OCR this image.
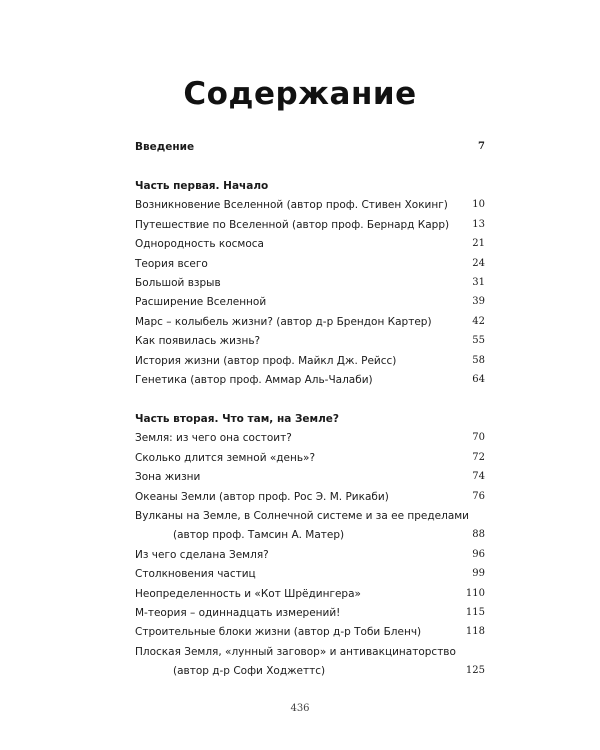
Содержание
Введение	7
Часть первая. Начало
Возникновение Вселенной (автор проф. Стивен Хокинг) 10
Путешествие по Вселенной (автор проф. Бернард Карр) 13
Однородность космоса	21
Теория всего	24
Большой взрыв	31
Расширение Вселенной	39
Марс – колыбель жизни? (автор д-р Брендон Картер)	42
Как появилась жизнь?	55
История жизни (автор проф. Майкл Дж. Рейсс)	58
Генетика (автор проф. Аммар Аль-Чалаби)	64
Часть вторая. Что там, на Земле?
Земля: из чего она состоит?	70
Сколько длится земной «день»?	72
Зона жизни	74
Океаны Земли (автор проф. Рос Э. М. Рикаби)	76
Вулканы на Земле, в Солнечной системе и за ее пределами
(автор проф. Тамсин А. Матер)	88
Из чего сделана Земля?	96
Столкновения частиц	99
Неопределенность и «Кот Шрёдингера»	110
М-теория – одиннадцать измерений!	115
Строительные блоки жизни (автор д-р Тоби Бленч)	118
Плоская Земля, «лунный заговор» и антивакцинаторство
(автор д-р Софи Ходжеттс)	125
436
